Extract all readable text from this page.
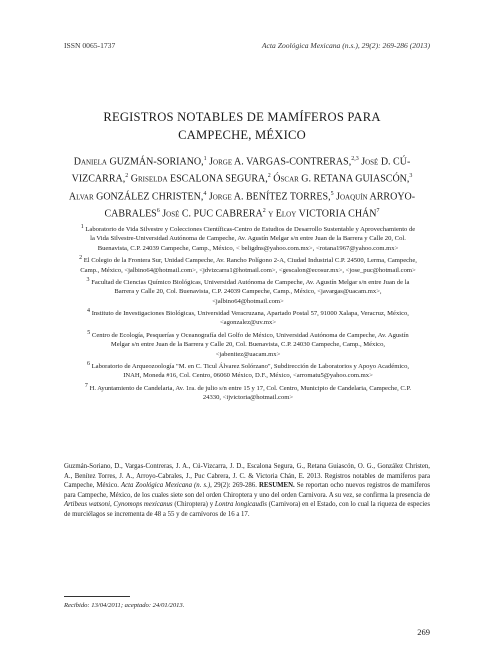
ISSN 0065-1737	Acta Zoológica Mexicana (n.s.), 29(2): 269-286 (2013)
REGISTROS NOTABLES DE MAMÍFEROS PARA
CAMPECHE, MÉXICO
Daniela GUZMÁN-SORIANO,$^1$ Jorge A. VARGAS-CONTRERAS,$^{2,3}$ José D. CÚ-VIZCARRA,$^2$ Griselda ESCALONA SEGURA,$^2$ Óscar G. RETANA GUIASCÓN,$^3$ Alvar GONZÁLEZ CHRISTEN,$^4$ Jorge A. BENÍTEZ TORRES,$^5$ Joaquín ARROYO-CABRALES$^6$ José C. PUC CABRERA$^2$ y Eloy VICTORIA CHÁN$^7$
$^1$ Laboratorio de Vida Silvestre y Colecciones Científicas-Centro de Estudios de Desarrollo Sustentable y Aprovechamiento de la Vida Silvestre-Universidad Autónoma de Campeche, Av. Agustín Melgar s/n entre Juan de la Barrera y Calle 20, Col. Buenavista, C.P. 24039 Campeche, Camp., México, < beligdns@yahoo.com.mx>, <rotana1967@yahoo.com.mx>
$^2$ El Colegio de la Frontera Sur, Unidad Campeche, Av. Rancho Polígono 2-A, Ciudad Industrial C.P. 24500, Lerma, Campeche, Camp., México, <jalbino64@hotmail.com>, <jdvizcarra1@hotmail.com>, <gescalon@ecosur.mx>, <jose_puc@hotmail.com>
$^3$ Facultad de Ciencias Químico Biológicas, Universidad Autónoma de Campeche, Av. Agustín Melgar s/n entre Juan de la Barrera y Calle 20, Col. Buenavista, C.P. 24039 Campeche, Camp., México, <javargas@uacam.mx>, <jalbino64@hotmail.com>
$^4$ Instituto de Investigaciones Biológicas, Universidad Veracruzana, Apartado Postal 57, 91000 Xalapa, Veracruz, México, <agonzalez@uv.mx>
$^5$ Centro de Ecología, Pesquerías y Oceanografía del Golfo de México, Universidad Autónoma de Campeche, Av. Agustín Melgar s/n entre Juan de la Barrera y Calle 20, Col. Buenavista, C.P. 24030 Campeche, Camp., México, <jabenitez@uacam.mx>
$^6$ Laboratorio de Arqueozoología "M. en C. Ticul Álvarez Solórzano", Subdirección de Laboratorios y Apoyo Académico, INAH, Moneda #16, Col. Centro, 06060 México, D.F., México, <arromatu5@yahoo.com.mx>
$^7$ H. Ayuntamiento de Candelaria, Av. 1ra. de julio s/n entre 15 y 17, Col. Centro, Municipio de Candelaria, Campeche, C.P. 24330, <ijvictoria@hotmail.com>
Guzmán-Soriano, D., Vargas-Contreras, J. A., Cú-Vizcarra, J. D., Escalona Segura, G., Retana Guiascón, O. G., González Christen, A., Benítez Torres, J. A., Arroyo-Cabrales, J., Puc Cabrera, J. C. & Victoria Chán, E. 2013. Registros notables de mamíferos para Campeche, México. Acta Zoológica Mexicana (n. s.), 29(2): 269-286. RESUMEN. Se reportan ocho nuevos registros de mamíferos para Campeche, México, de los cuales siete son del orden Chiroptera y uno del orden Carnivora. A su vez, se confirma la presencia de Artibeus watsoni, Cynomops mexicanus (Chiroptera) y Lontra longicaudis (Carnivora) en el Estado, con lo cual la riqueza de especies de murciélagos se incrementa de 48 a 55 y de carnívoros de 16 a 17.
Recibido: 13/04/2011; aceptado: 24/01/2013.
269
